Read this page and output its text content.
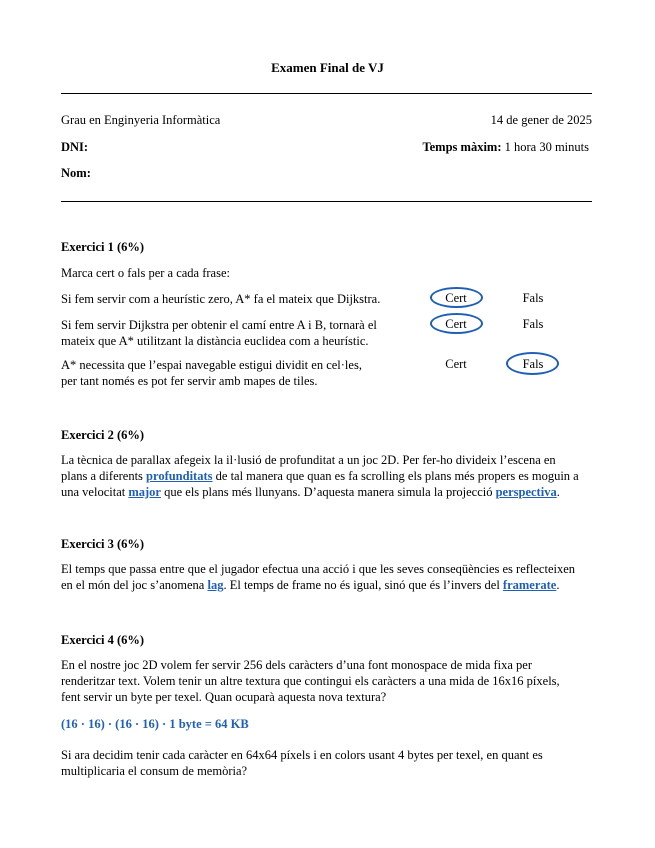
Examen Final de VJ
Grau en Enginyeria Informàtica	14 de gener de 2025
DNI:	Temps màxim: 1 hora 30 minuts
Nom:
Exercici 1 (6%)
Marca cert o fals per a cada frase:
Si fem servir com a heurístic zero, A* fa el mateix que Dijkstra.	Cert	Fals
Si fem servir Dijkstra per obtenir el camí entre A i B, tornarà el
mateix que A* utilitzant la distància euclidea com a heurístic.
Cert	Fals
A* necessita que l’espai navegable estigui dividit en cel·les,
per tant només es pot fer servir amb mapes de tiles.
Cert	Fals
Exercici 2 (6%)
La tècnica de parallax afegeix la il·lusió de profunditat a un joc 2D. Per fer-ho divideix l’escena en
plans a diferents profunditats de tal manera que quan es fa scrolling els plans més propers es moguin a
una velocitat major que els plans més llunyans. D’aquesta manera simula la projecció perspectiva.
Exercici 3 (6%)
El temps que passa entre que el jugador efectua una acció i que les seves conseqüències es reflecteixen
en el món del joc s’anomena lag. El temps de frame no és igual, sinó que és l’invers del framerate.
Exercici 4 (6%)
En el nostre joc 2D volem fer servir 256 dels caràcters d’una font monospace de mida fixa per
renderitzar text. Volem tenir un altre textura que contingui els caràcters a una mida de 16x16 píxels,
fent servir un byte per texel. Quan ocuparà aquesta nova textura?
(16 · 16) · (16 · 16) · 1 byte = 64 KB
Si ara decidim tenir cada caràcter en 64x64 píxels i en colors usant 4 bytes per texel, en quant es
multiplicaria el consum de memòria?
